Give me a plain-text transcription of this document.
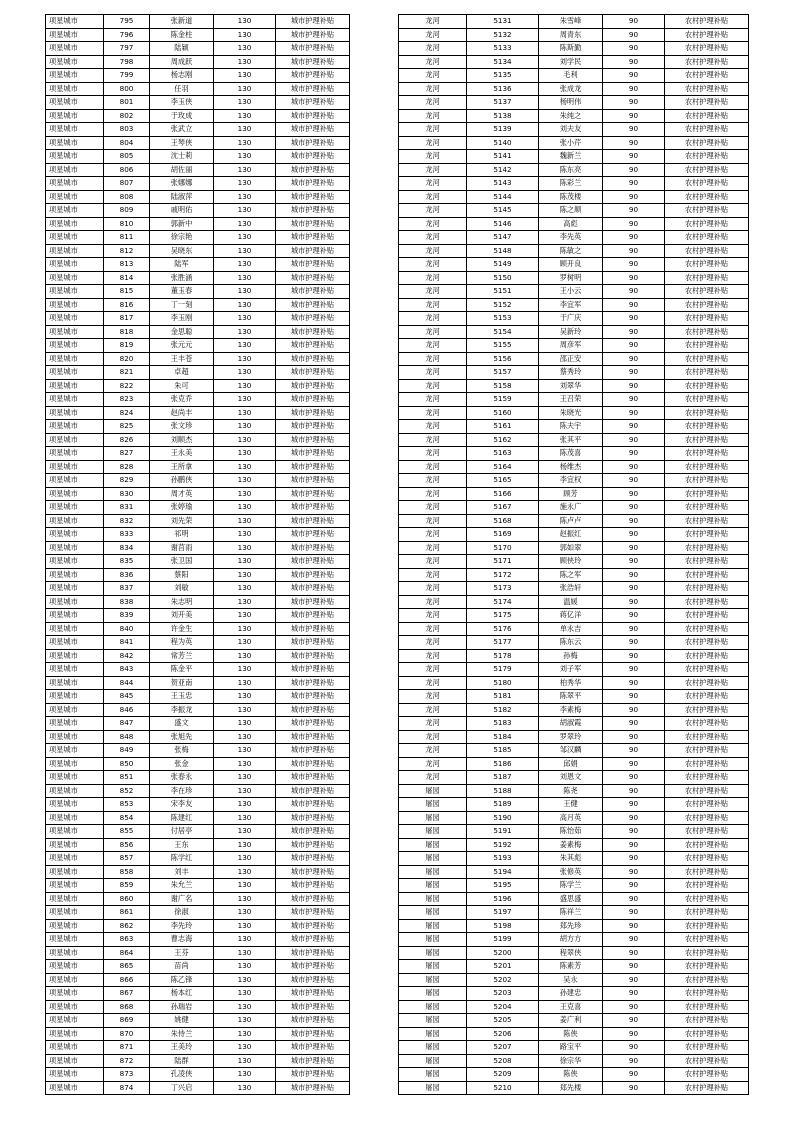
项星城市	795	张新道	130	城市护理补贴
项星城市	796	陈金柱	130	城市护理补贴
项星城市	797	陆颖	130	城市护理补贴
项星城市	798	周成跃	130	城市护理补贴
项星城市	799	杨志刚	130	城市护理补贴
项星城市	800	任羽	130	城市护理补贴
项星城市	801	李玉侠	130	城市护理补贴
项星城市	802	于玫成	130	城市护理补贴
项星城市	803	张武立	130	城市护理补贴
项星城市	804	王琴侠	130	城市护理补贴
项星城市	805	沈士莉	130	城市护理补贴
项星城市	806	胡佐丽	130	城市护理补贴
项星城市	807	张娜娜	130	城市护理补贴
项星城市	808	陆淑萍	130	城市护理补贴
项星城市	809	戚明佑	130	城市护理补贴
项星城市	810	郭新中	130	城市护理补贴
项星城市	811	徐宗艳	130	城市护理补贴
项星城市	812	吴晓东	130	城市护理补贴
项星城市	813	陆军	130	城市护理补贴
项星城市	814	张胜涵	130	城市护理补贴
项星城市	815	董玉春	130	城市护理补贴
项星城市	816	丁一刻	130	城市护理补贴
项星城市	817	李玉刚	130	城市护理补贴
项星城市	818	金思聪	130	城市护理补贴
项星城市	819	张元元	130	城市护理补贴
项星城市	820	王丰苍	130	城市护理补贴
项星城市	821	卓超	130	城市护理补贴
项星城市	822	朱可	130	城市护理补贴
项星城市	823	张克乔	130	城市护理补贴
项星城市	824	赵尚丰	130	城市护理补贴
项星城市	825	张文珍	130	城市护理补贴
项星城市	826	刘顺杰	130	城市护理补贴
项星城市	827	王永美	130	城市护理补贴
项星城市	828	王所拿	130	城市护理补贴
项星城市	829	孙鹏侠	130	城市护理补贴
项星城市	830	周才英	130	城市护理补贴
项星城市	831	张婷瑜	130	城市护理补贴
项星城市	832	刘先荣	130	城市护理补贴
项星城市	833	祁明	130	城市护理补贴
项星城市	834	谢莒雨	130	城市护理补贴
项星城市	835	张卫国	130	城市护理补贴
项星城市	836	蔡阳	130	城市护理补贴
项星城市	837	刘敏	130	城市护理补贴
项星城市	838	朱志明	130	城市护理补贴
项星城市	839	刘开美	130	城市护理补贴
项星城市	840	许金生	130	城市护理补贴
项星城市	841	程为英	130	城市护理补贴
项星城市	842	常芳兰	130	城市护理补贴
项星城市	843	陈金平	130	城市护理补贴
项星城市	844	贺亚南	130	城市护理补贴
项星城市	845	王玉忠	130	城市护理补贴
项星城市	846	李振龙	130	城市护理补贴
项星城市	847	盛文	130	城市护理补贴
项星城市	848	张旭先	130	城市护理补贴
项星城市	849	张梅	130	城市护理补贴
项星城市	850	张金	130	城市护理补贴
项星城市	851	张春永	130	城市护理补贴
项星城市	852	李在珍	130	城市护理补贴
项星城市	853	宋李友	130	城市护理补贴
项星城市	854	陈建红	130	城市护理补贴
项星城市	855	付居亭	130	城市护理补贴
项星城市	856	王东	130	城市护理补贴
项星城市	857	陈学红	130	城市护理补贴
项星城市	858	刘丰	130	城市护理补贴
项星城市	859	朱允兰	130	城市护理补贴
项星城市	860	谢广名	130	城市护理补贴
项星城市	861	徐淑	130	城市护理补贴
项星城市	862	李先玲	130	城市护理补贴
项星城市	863	曹志海	130	城市护理补贴
项星城市	864	王芬	130	城市护理补贴
项星城市	865	苗尚	130	城市护理补贴
项星城市	866	陈乙锋	130	城市护理补贴
项星城市	867	杨本红	130	城市护理补贴
项星城市	868	孙瑞岩	130	城市护理补贴
项星城市	869	姚健	130	城市护理补贴
项星城市	870	朱侍兰	130	城市护理补贴
项星城市	871	王美玲	130	城市护理补贴
项星城市	872	陆群	130	城市护理补贴
项星城市	873	孔凌侠	130	城市护理补贴
项星城市	874	丁兴启	130	城市护理补贴
龙河	5131	朱雪峰	90	农村护理补贴
龙河	5132	周青东	90	农村护理补贴
龙河	5133	陈斯勤	90	农村护理补贴
龙河	5134	刘学民	90	农村护理补贴
龙河	5135	毛利	90	农村护理补贴
龙河	5136	张成龙	90	农村护理补贴
龙河	5137	杨明伟	90	农村护理补贴
龙河	5138	朱纯之	90	农村护理补贴
龙河	5139	刘夫友	90	农村护理补贴
龙河	5140	张小芹	90	农村护理补贴
龙河	5141	魏新兰	90	农村护理补贴
龙河	5142	陈东亮	90	农村护理补贴
龙河	5143	陈彩兰	90	农村护理补贴
龙河	5144	陈茂楼	90	农村护理补贴
龙河	5145	陈之顺	90	农村护理补贴
龙河	5146	高彪	90	农村护理补贴
龙河	5147	李先英	90	农村护理补贴
龙河	5148	陈敏之	90	农村护理补贴
龙河	5149	顾开良	90	农村护理补贴
龙河	5150	罗树明	90	农村护理补贴
龙河	5151	王小云	90	农村护理补贴
龙河	5152	李宜军	90	农村护理补贴
龙河	5153	于广庆	90	农村护理补贴
龙河	5154	吴新玲	90	农村护理补贴
龙河	5155	周彦军	90	农村护理补贴
龙河	5156	邵正安	90	农村护理补贴
龙河	5157	蔡秀玲	90	农村护理补贴
龙河	5158	刘翠华	90	农村护理补贴
龙河	5159	王召荣	90	农村护理补贴
龙河	5160	朱晓光	90	农村护理补贴
龙河	5161	陈夫宇	90	农村护理补贴
龙河	5162	张其平	90	农村护理补贴
龙河	5163	陈茂喜	90	农村护理补贴
龙河	5164	杨维杰	90	农村护理补贴
龙河	5165	李宜权	90	农村护理补贴
龙河	5166	顾芳	90	农村护理补贴
龙河	5167	施永广	90	农村护理补贴
龙河	5168	陈卢卢	90	农村护理补贴
龙河	5169	赵振红	90	农村护理补贴
龙河	5170	郭如翠	90	农村护理补贴
龙河	5171	顾侠玲	90	农村护理补贴
龙河	5172	陈之军	90	农村护理补贴
龙河	5173	张浩轩	90	农村护理补贴
龙河	5174	温媛	90	农村护理补贴
龙河	5175	蒋亿洋	90	农村护理补贴
龙河	5176	单永吉	90	农村护理补贴
龙河	5177	陈东云	90	农村护理补贴
龙河	5178	孙梅	90	农村护理补贴
龙河	5179	刘子军	90	农村护理补贴
龙河	5180	柏秀华	90	农村护理补贴
龙河	5181	陈翠平	90	农村护理补贴
龙河	5182	李素梅	90	农村护理补贴
龙河	5183	胡淑霞	90	农村护理补贴
龙河	5184	罗翠玲	90	农村护理补贴
龙河	5185	邹汉麟	90	农村护理补贴
龙河	5186	邱娟	90	农村护理补贴
龙河	5187	刘恩文	90	农村护理补贴
屠园	5188	陈尧	90	农村护理补贴
屠园	5189	王健	90	农村护理补贴
屠园	5190	高月英	90	农村护理补贴
屠园	5191	陈怡茹	90	农村护理补贴
屠园	5192	姜素梅	90	农村护理补贴
屠园	5193	朱其彪	90	农村护理补贴
屠园	5194	张修英	90	农村护理补贴
屠园	5195	陈学兰	90	农村护理补贴
屠园	5196	盛思盛	90	农村护理补贴
屠园	5197	陈祥兰	90	农村护理补贴
屠园	5198	郑先珍	90	农村护理补贴
屠园	5199	胡方方	90	农村护理补贴
屠园	5200	程翠侠	90	农村护理补贴
屠园	5201	陈素芳	90	农村护理补贴
屠园	5202	吴永	90	农村护理补贴
屠园	5203	孙建忠	90	农村护理补贴
屠园	5204	王克喜	90	农村护理补贴
屠园	5205	姜广利	90	农村护理补贴
屠园	5206	陈侠	90	农村护理补贴
屠园	5207	路宝平	90	农村护理补贴
屠园	5208	徐宗华	90	农村护理补贴
屠园	5209	陈侠	90	农村护理补贴
屠园	5210	郑先楼	90	农村护理补贴
